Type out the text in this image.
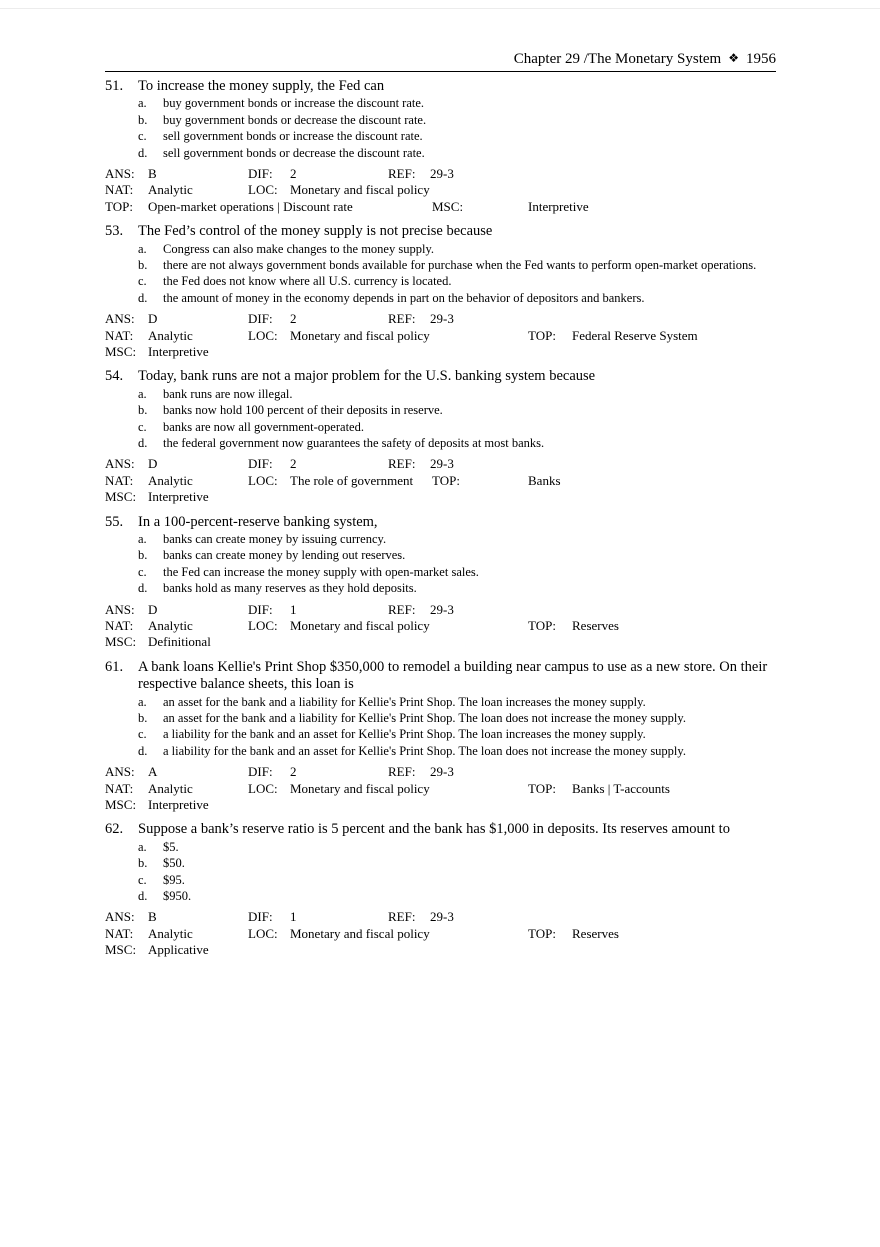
Chapter 29 /The Monetary System ❖ 1956
51.	To increase the money supply, the Fed can
a.	buy government bonds or increase the discount rate.
b.	buy government bonds or decrease the discount rate.
c.	sell government bonds or increase the discount rate.
d.	sell government bonds or decrease the discount rate.
ANS: B	DIF: 2	REF: 29-3
NAT: Analytic	LOC: Monetary and fiscal policy
TOP: Open-market operations | Discount rate	MSC:	Interpretive
53.	The Fed’s control of the money supply is not precise because
a.	Congress can also make changes to the money supply.
b.	there are not always government bonds available for purchase when the Fed wants to perform open-market operations.
c.	the Fed does not know where all U.S. currency is located.
d.	the amount of money in the economy depends in part on the behavior of depositors and bankers.
ANS: D	DIF: 2	REF: 29-3
NAT: Analytic	LOC: Monetary and fiscal policy	TOP: Federal Reserve System
MSC: Interpretive
54.	Today, bank runs are not a major problem for the U.S. banking system because
a.	bank runs are now illegal.
b.	banks now hold 100 percent of their deposits in reserve.
c.	banks are now all government-operated.
d.	the federal government now guarantees the safety of deposits at most banks.
ANS: D	DIF: 2	REF: 29-3
NAT: Analytic	LOC: The role of government TOP:	Banks
MSC: Interpretive
55.	In a 100-percent-reserve banking system,
a.	banks can create money by issuing currency.
b.	banks can create money by lending out reserves.
c.	the Fed can increase the money supply with open-market sales.
d.	banks hold as many reserves as they hold deposits.
ANS: D	DIF: 1	REF: 29-3
NAT: Analytic	LOC: Monetary and fiscal policy	TOP: Reserves
MSC: Definitional
61.	A bank loans Kellie's Print Shop $350,000 to remodel a building near campus to use as a new store. On their respective balance sheets, this loan is
a.	an asset for the bank and a liability for Kellie's Print Shop. The loan increases the money supply.
b.	an asset for the bank and a liability for Kellie's Print Shop. The loan does not increase the money supply.
c.	a liability for the bank and an asset for Kellie's Print Shop. The loan increases the money supply.
d.	a liability for the bank and an asset for Kellie's Print Shop. The loan does not increase the money supply.
ANS: A	DIF: 2	REF: 29-3
NAT: Analytic	LOC: Monetary and fiscal policy	TOP: Banks | T-accounts
MSC: Interpretive
62.	Suppose a bank’s reserve ratio is 5 percent and the bank has $1,000 in deposits. Its reserves amount to
a.	$5.
b.	$50.
c.	$95.
d.	$950.
ANS: B	DIF: 1	REF: 29-3
NAT: Analytic	LOC: Monetary and fiscal policy	TOP: Reserves
MSC: Applicative
